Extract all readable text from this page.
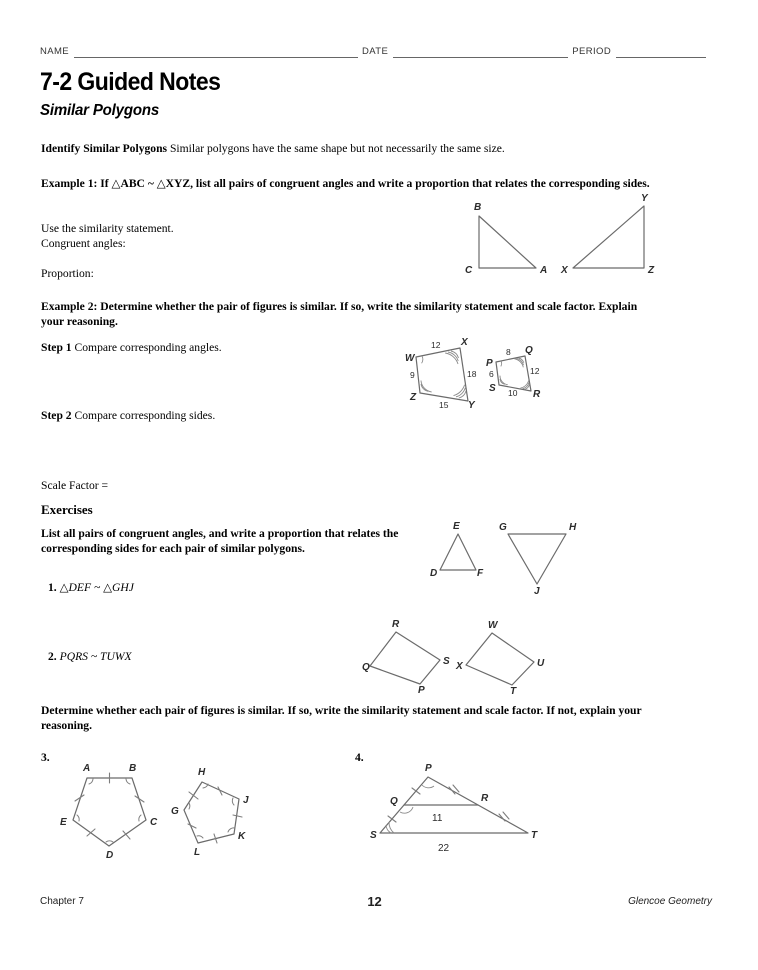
NAME	DATE	PERIOD
7-2 Guided Notes
Similar Polygons
Identify Similar Polygons Similar polygons have the same shape but not necessarily the same size.
Example 1: If △ABC ~ △XYZ, list all pairs of congruent angles and write a proportion that relates the corresponding sides.
Use the similarity statement.
Congruent angles:
Proportion:
B
C	A X	Z
Y
Example 2: Determine whether the pair of figures is similar. If so, write the similarity statement and scale factor. Explain your reasoning.
Step 1 Compare corresponding angles.
Step 2 Compare corresponding sides.
Scale Factor =
W
X
Y
Z
12
18
15
9
P
Q
R
S
8
12
10
6
Exercises
List all pairs of congruent angles, and write a proportion that relates the corresponding sides for each pair of similar polygons.
1. △DEF ~ △GHJ
E
D	F
G	H
J
2. PQRS ~ TUWX
Q
R
S
P
X
W
U
T
Determine whether each pair of figures is similar. If so, write the similarity statement and scale factor. If not, explain your reasoning.
3.	4.
A	B
C
D
E
H
J
K
L
G
P
Q	R
S	T
11
22
Chapter 7	12	Glencoe Geometry
